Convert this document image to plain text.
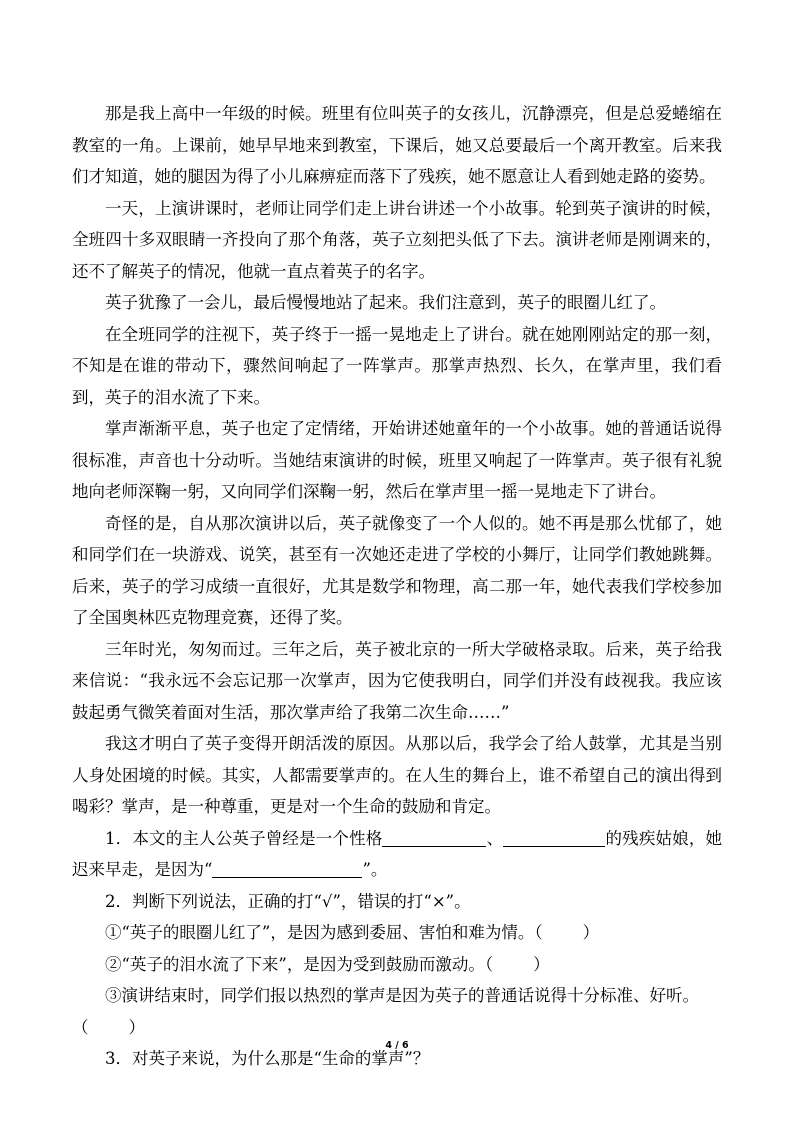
那是我上高中一年级的时候。班里有位叫英子的女孩儿，沉静漂亮，但是总爱蜷缩在教室的一角。上课前，她早早地来到教室，下课后，她又总要最后一个离开教室。后来我们才知道，她的腿因为得了小儿麻痹症而落下了残疾，她不愿意让人看到她走路的姿势。

一天，上演讲课时，老师让同学们走上讲台讲述一个小故事。轮到英子演讲的时候，全班四十多双眼睛一齐投向了那个角落，英子立刻把头低了下去。演讲老师是刚调来的，还不了解英子的情况，他就一直点着英子的名字。

英子犹豫了一会儿，最后慢慢地站了起来。我们注意到，英子的眼圈儿红了。

在全班同学的注视下，英子终于一摇一晃地走上了讲台。就在她刚刚站定的那一刻，不知是在谁的带动下，骤然间响起了一阵掌声。那掌声热烈、长久，在掌声里，我们看到，英子的泪水流了下来。

掌声渐渐平息，英子也定了定情绪，开始讲述她童年的一个小故事。她的普通话说得很标准，声音也十分动听。当她结束演讲的时候，班里又响起了一阵掌声。英子很有礼貌地向老师深鞠一躬，又向同学们深鞠一躬，然后在掌声里一摇一晃地走下了讲台。

奇怪的是，自从那次演讲以后，英子就像变了一个人似的。她不再是那么忧郁了，她和同学们在一块游戏、说笑，甚至有一次她还走进了学校的小舞厅，让同学们教她跳舞。后来，英子的学习成绩一直很好，尤其是数学和物理，高二那一年，她代表我们学校参加了全国奥林匹克物理竞赛，还得了奖。

三年时光，匆匆而过。三年之后，英子被北京的一所大学破格录取。后来，英子给我来信说：“我永远不会忘记那一次掌声，因为它使我明白，同学们并没有歧视我。我应该鼓起勇气微笑着面对生活，那次掌声给了我第二次生命……”

我这才明白了英子变得开朗活泼的原因。从那以后，我学会了给人鼓掌，尤其是当别人身处困境的时候。其实，人都需要掌声的。在人生的舞台上，谁不希望自己的演出得到喝彩？掌声，是一种尊重，更是对一个生命的鼓励和肯定。

1．本文的主人公英子曾经是一个性格	、	的残疾姑娘，她迟来早走，是因为“	”。

2．判断下列说法，正确的打“√”，错误的打“×”。

①“英子的眼圈儿红了”，是因为感到委屈、害怕和难为情。（ ）

②“英子的泪水流了下来”，是因为受到鼓励而激动。（ ）

③演讲结束时，同学们报以热烈的掌声是因为英子的普通话说得十分标准、好听。

（ ）

3．对英子来说，为什么那是“生命的掌声”？

4 / 6
